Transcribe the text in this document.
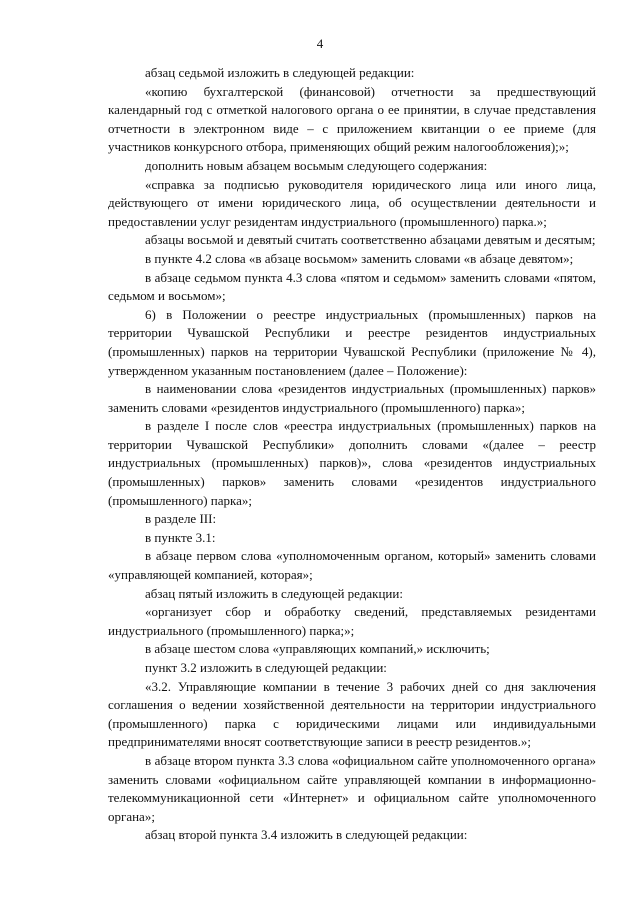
4

абзац седьмой изложить в следующей редакции:

«копию бухгалтерской (финансовой) отчетности за предшествующий календарный год с отметкой налогового органа о ее принятии, в случае представления отчетности в электронном виде – с приложением квитанции о ее приеме (для участников конкурсного отбора, применяющих общий режим налогообложения);»;

дополнить новым абзацем восьмым следующего содержания:

«справка за подписью руководителя юридического лица или иного лица, действующего от имени юридического лица, об осуществлении деятельности и предоставлении услуг резидентам индустриального (промышленного) парка.»;

абзацы восьмой и девятый считать соответственно абзацами девятым и десятым;

в пункте 4.2 слова «в абзаце восьмом» заменить словами «в абзаце девятом»;

в абзаце седьмом пункта 4.3 слова «пятом и седьмом» заменить словами «пятом, седьмом и восьмом»;

6) в Положении о реестре индустриальных (промышленных) парков на территории Чувашской Республики и реестре резидентов индустриальных (промышленных) парков на территории Чувашской Республики (приложение № 4), утвержденном указанным постановлением (далее – Положение):

в наименовании слова «резидентов индустриальных (промышленных) парков» заменить словами «резидентов индустриального (промышленного) парка»;

в разделе I после слов «реестра индустриальных (промышленных) парков на территории Чувашской Республики» дополнить словами «(далее – реестр индустриальных (промышленных) парков)», слова «резидентов индустриальных (промышленных) парков» заменить словами «резидентов индустриального (промышленного) парка»;

в разделе III:

в пункте 3.1:

в абзаце первом слова «уполномоченным органом, который» заменить словами «управляющей компанией, которая»;

абзац пятый изложить в следующей редакции:

«организует сбор и обработку сведений, представляемых резидентами индустриального (промышленного) парка;»;

в абзаце шестом слова «управляющих компаний,» исключить;

пункт 3.2 изложить в следующей редакции:

«3.2. Управляющие компании в течение 3 рабочих дней со дня заключения соглашения о ведении хозяйственной деятельности на территории индустриального (промышленного) парка с юридическими лицами или индивидуальными предпринимателями вносят соответствующие записи в реестр резидентов.»;

в абзаце втором пункта 3.3 слова «официальном сайте уполномоченного органа» заменить словами «официальном сайте управляющей компании в информационно-телекоммуникационной сети «Интернет» и официальном сайте уполномоченного органа»;

абзац второй пункта 3.4 изложить в следующей редакции:
